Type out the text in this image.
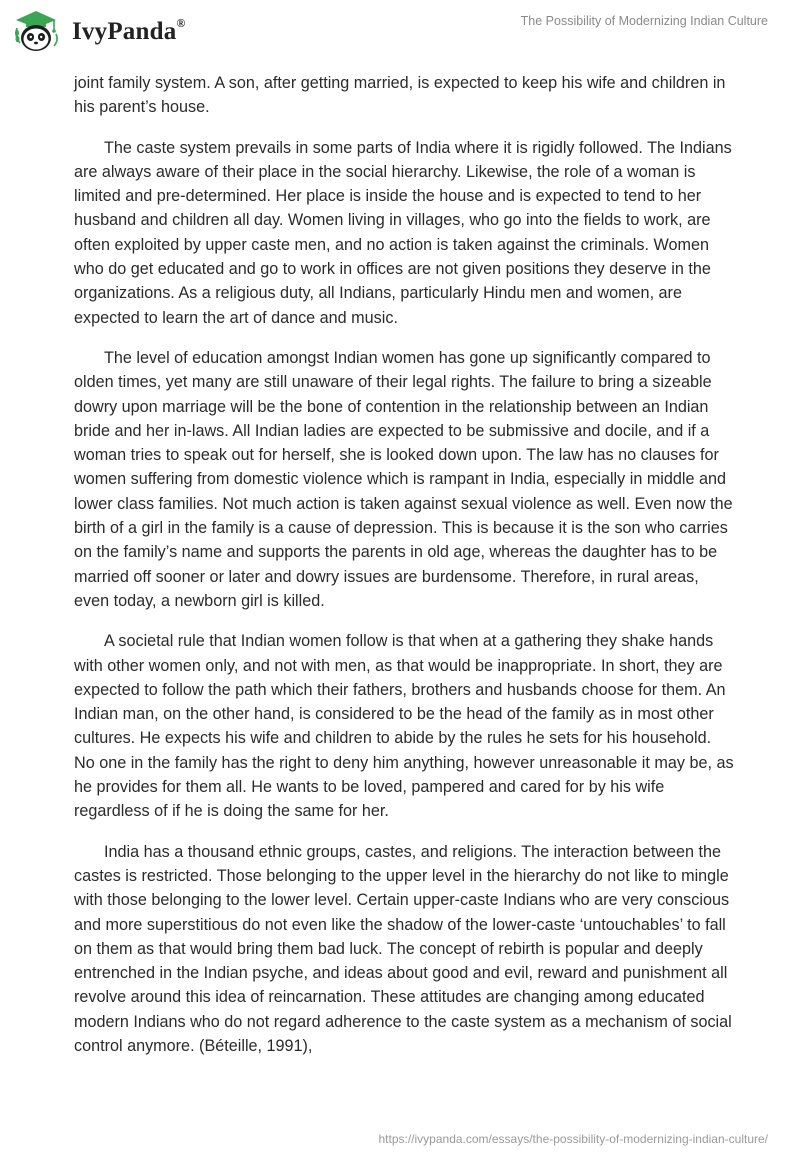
IvyPanda®	The Possibility of Modernizing Indian Culture

joint family system. A son, after getting married, is expected to keep his wife and children in his parent’s house.

The caste system prevails in some parts of India where it is rigidly followed. The Indians are always aware of their place in the social hierarchy. Likewise, the role of a woman is limited and pre-determined. Her place is inside the house and is expected to tend to her husband and children all day. Women living in villages, who go into the fields to work, are often exploited by upper caste men, and no action is taken against the criminals. Women who do get educated and go to work in offices are not given positions they deserve in the organizations. As a religious duty, all Indians, particularly Hindu men and women, are expected to learn the art of dance and music.

The level of education amongst Indian women has gone up significantly compared to olden times, yet many are still unaware of their legal rights. The failure to bring a sizeable dowry upon marriage will be the bone of contention in the relationship between an Indian bride and her in-laws. All Indian ladies are expected to be submissive and docile, and if a woman tries to speak out for herself, she is looked down upon. The law has no clauses for women suffering from domestic violence which is rampant in India, especially in middle and lower class families. Not much action is taken against sexual violence as well. Even now the birth of a girl in the family is a cause of depression. This is because it is the son who carries on the family’s name and supports the parents in old age, whereas the daughter has to be married off sooner or later and dowry issues are burdensome. Therefore, in rural areas, even today, a newborn girl is killed.

A societal rule that Indian women follow is that when at a gathering they shake hands with other women only, and not with men, as that would be inappropriate. In short, they are expected to follow the path which their fathers, brothers and husbands choose for them. An Indian man, on the other hand, is considered to be the head of the family as in most other cultures. He expects his wife and children to abide by the rules he sets for his household. No one in the family has the right to deny him anything, however unreasonable it may be, as he provides for them all. He wants to be loved, pampered and cared for by his wife regardless of if he is doing the same for her.

India has a thousand ethnic groups, castes, and religions. The interaction between the castes is restricted. Those belonging to the upper level in the hierarchy do not like to mingle with those belonging to the lower level. Certain upper-caste Indians who are very conscious and more superstitious do not even like the shadow of the lower-caste ‘untouchables’ to fall on them as that would bring them bad luck. The concept of rebirth is popular and deeply entrenched in the Indian psyche, and ideas about good and evil, reward and punishment all revolve around this idea of reincarnation. These attitudes are changing among educated modern Indians who do not regard adherence to the caste system as a mechanism of social control anymore. (Béteille, 1991),

https://ivypanda.com/essays/the-possibility-of-modernizing-indian-culture/
